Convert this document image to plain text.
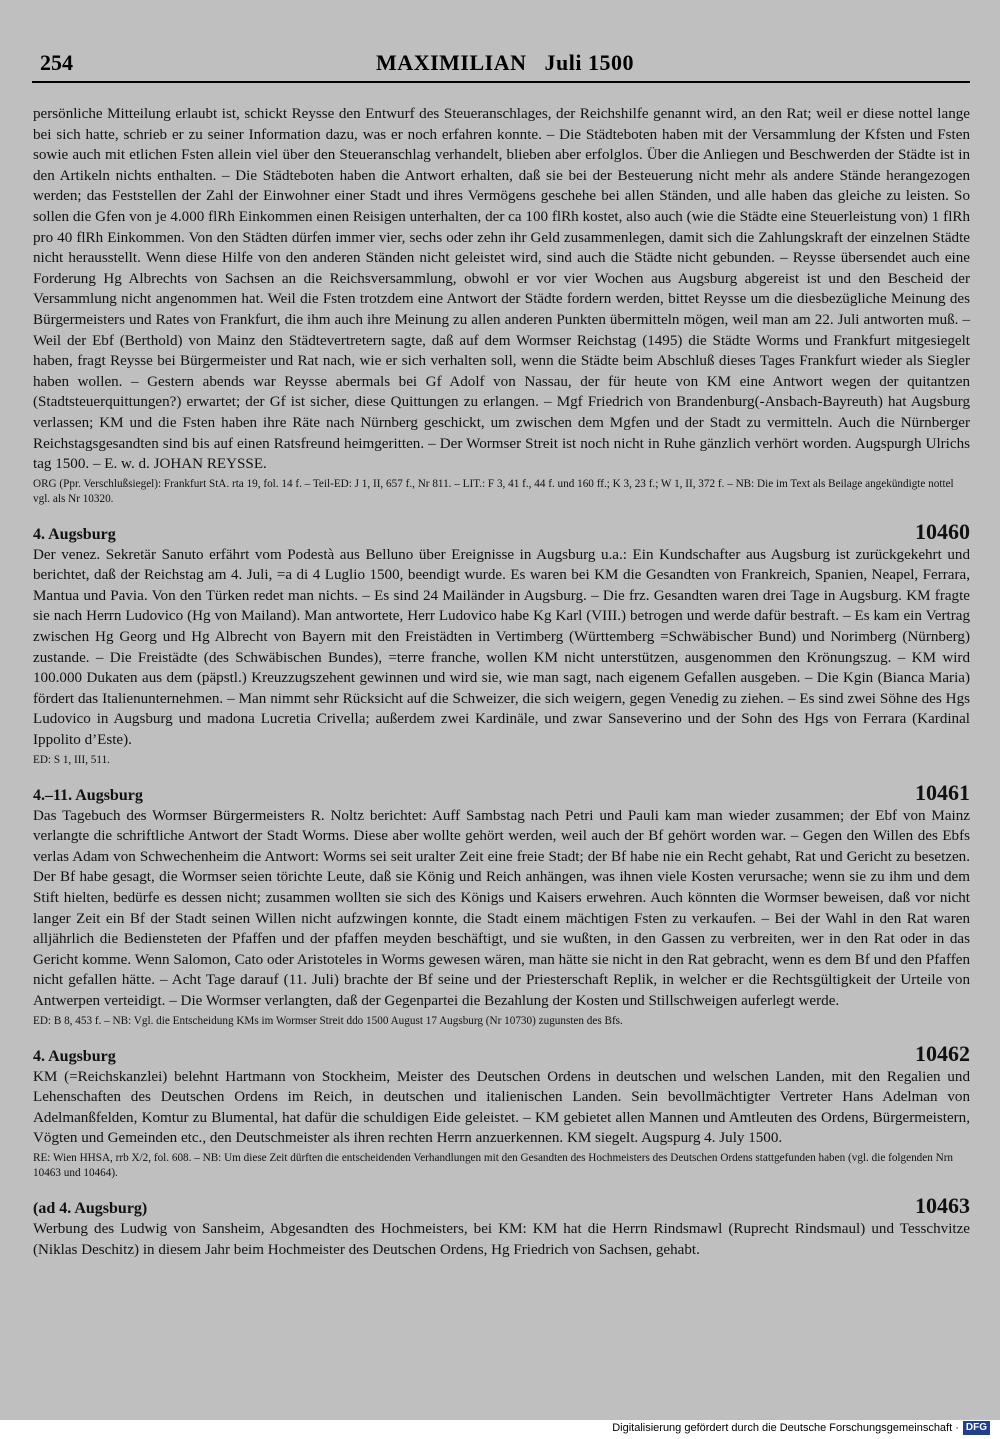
254	MAXIMILIAN   Juli 1500

persönliche Mitteilung erlaubt ist, schickt Reysse den Entwurf des Steueranschlages, der Reichshilfe genannt wird, an den Rat; weil er diese nottel lange bei sich hatte, schrieb er zu seiner Information dazu, was er noch erfahren konnte. – Die Städteboten haben mit der Versammlung der Kfsten und Fsten sowie auch mit etlichen Fsten allein viel über den Steueranschlag verhandelt, blieben aber erfolglos. Über die Anliegen und Beschwerden der Städte ist in den Artikeln nichts enthalten. – Die Städteboten haben die Antwort erhalten, daß sie bei der Besteuerung nicht mehr als andere Stände herangezogen werden; das Feststellen der Zahl der Einwohner einer Stadt und ihres Vermögens geschehe bei allen Ständen, und alle haben das gleiche zu leisten. So sollen die Gfen von je 4.000 flRh Einkommen einen Reisigen unterhalten, der ca 100 flRh kostet, also auch (wie die Städte eine Steuerleistung von) 1 flRh pro 40 flRh Einkommen. Von den Städten dürfen immer vier, sechs oder zehn ihr Geld zusammenlegen, damit sich die Zahlungskraft der einzelnen Städte nicht herausstellt. Wenn diese Hilfe von den anderen Ständen nicht geleistet wird, sind auch die Städte nicht gebunden. – Reysse übersendet auch eine Forderung Hg Albrechts von Sachsen an die Reichsversammlung, obwohl er vor vier Wochen aus Augsburg abgereist ist und den Bescheid der Versammlung nicht angenommen hat. Weil die Fsten trotzdem eine Antwort der Städte fordern werden, bittet Reysse um die diesbezügliche Meinung des Bürgermeisters und Rates von Frankfurt, die ihm auch ihre Meinung zu allen anderen Punkten übermitteln mögen, weil man am 22. Juli antworten muß. – Weil der Ebf (Berthold) von Mainz den Städtevertretern sagte, daß auf dem Wormser Reichstag (1495) die Städte Worms und Frankfurt mitgesiegelt haben, fragt Reysse bei Bürgermeister und Rat nach, wie er sich verhalten soll, wenn die Städte beim Abschluß dieses Tages Frankfurt wieder als Siegler haben wollen. – Gestern abends war Reysse abermals bei Gf Adolf von Nassau, der für heute von KM eine Antwort wegen der quitantzen (Stadtsteuerquittungen?) erwartet; der Gf ist sicher, diese Quittungen zu erlangen. – Mgf Friedrich von Brandenburg(-Ansbach-Bayreuth) hat Augsburg verlassen; KM und die Fsten haben ihre Räte nach Nürnberg geschickt, um zwischen dem Mgfen und der Stadt zu vermitteln. Auch die Nürnberger Reichstagsgesandten sind bis auf einen Ratsfreund heimgeritten. – Der Wormser Streit ist noch nicht in Ruhe gänzlich verhört worden. Augspurgh Ulrichs tag 1500. – E. w. d. JOHAN REYSSE.

ORG (Ppr. Verschlußsiegel): Frankfurt StA. rta 19, fol. 14 f. – Teil-ED: J 1, II, 657 f., Nr 811. – LIT.: F 3, 41 f., 44 f. und 160 ff.; K 3, 23 f.; W 1, II, 372 f. – NB: Die im Text als Beilage angekündigte nottel vgl. als Nr 10320.

4. Augsburg	10460

Der venez. Sekretär Sanuto erfährt vom Podestà aus Belluno über Ereignisse in Augsburg u.a.: Ein Kundschafter aus Augsburg ist zurückgekehrt und berichtet, daß der Reichstag am 4. Juli, =a di 4 Luglio 1500, beendigt wurde. Es waren bei KM die Gesandten von Frankreich, Spanien, Neapel, Ferrara, Mantua und Pavia. Von den Türken redet man nichts. – Es sind 24 Mailänder in Augsburg. – Die frz. Gesandten waren drei Tage in Augsburg. KM fragte sie nach Herrn Ludovico (Hg von Mailand). Man antwortete, Herr Ludovico habe Kg Karl (VIII.) betrogen und werde dafür bestraft. – Es kam ein Vertrag zwischen Hg Georg und Hg Albrecht von Bayern mit den Freistädten in Vertimberg (Württemberg =Schwäbischer Bund) und Norimberg (Nürnberg) zustande. – Die Freistädte (des Schwäbischen Bundes), =terre franche, wollen KM nicht unterstützen, ausgenommen den Krönungszug. – KM wird 100.000 Dukaten aus dem (päpstl.) Kreuzzugszehent gewinnen und wird sie, wie man sagt, nach eigenem Gefallen ausgeben. – Die Kgin (Bianca Maria) fördert das Italienunternehmen. – Man nimmt sehr Rücksicht auf die Schweizer, die sich weigern, gegen Venedig zu ziehen. – Es sind zwei Söhne des Hgs Ludovico in Augsburg und madona Lucretia Crivella; außerdem zwei Kardinäle, und zwar Sanseverino und der Sohn des Hgs von Ferrara (Kardinal Ippolito d’Este).

ED: S 1, III, 511.

4.–11. Augsburg	10461

Das Tagebuch des Wormser Bürgermeisters R. Noltz berichtet: Auff Sambstag nach Petri und Pauli kam man wieder zusammen; der Ebf von Mainz verlangte die schriftliche Antwort der Stadt Worms. Diese aber wollte gehört werden, weil auch der Bf gehört worden war. – Gegen den Willen des Ebfs verlas Adam von Schwechenheim die Antwort: Worms sei seit uralter Zeit eine freie Stadt; der Bf habe nie ein Recht gehabt, Rat und Gericht zu besetzen. Der Bf habe gesagt, die Wormser seien törichte Leute, daß sie König und Reich anhängen, was ihnen viele Kosten verursache; wenn sie zu ihm und dem Stift hielten, bedürfe es dessen nicht; zusammen wollten sie sich des Königs und Kaisers erwehren. Auch könnten die Wormser beweisen, daß vor nicht langer Zeit ein Bf der Stadt seinen Willen nicht aufzwingen konnte, die Stadt einem mächtigen Fsten zu verkaufen. – Bei der Wahl in den Rat waren alljährlich die Bediensteten der Pfaffen und der pfaffen meyden beschäftigt, und sie wußten, in den Gassen zu verbreiten, wer in den Rat oder in das Gericht komme. Wenn Salomon, Cato oder Aristoteles in Worms gewesen wären, man hätte sie nicht in den Rat gebracht, wenn es dem Bf und den Pfaffen nicht gefallen hätte. – Acht Tage darauf (11. Juli) brachte der Bf seine und der Priesterschaft Replik, in welcher er die Rechtsgültigkeit der Urteile von Antwerpen verteidigt. – Die Wormser verlangten, daß der Gegenpartei die Bezahlung der Kosten und Stillschweigen auferlegt werde.

ED: B 8, 453 f. – NB: Vgl. die Entscheidung KMs im Wormser Streit ddo 1500 August 17 Augsburg (Nr 10730) zugunsten des Bfs.

4. Augsburg	10462

KM (=Reichskanzlei) belehnt Hartmann von Stockheim, Meister des Deutschen Ordens in deutschen und welschen Landen, mit den Regalien und Lehenschaften des Deutschen Ordens im Reich, in deutschen und italienischen Landen. Sein bevollmächtigter Vertreter Hans Adelman von Adelmanßfelden, Komtur zu Blumental, hat dafür die schuldigen Eide geleistet. – KM gebietet allen Mannen und Amtleuten des Ordens, Bürgermeistern, Vögten und Gemeinden etc., den Deutschmeister als ihren rechten Herrn anzuerkennen. KM siegelt. Augspurg 4. July 1500.

RE: Wien HHSA, rrb X/2, fol. 608. – NB: Um diese Zeit dürften die entscheidenden Verhandlungen mit den Gesandten des Hochmeisters des Deutschen Ordens stattgefunden haben (vgl. die folgenden Nrn 10463 und 10464).

(ad 4. Augsburg)	10463

Werbung des Ludwig von Sansheim, Abgesandten des Hochmeisters, bei KM: KM hat die Herrn Rindsmawl (Ruprecht Rindsmaul) und Tesschvitze (Niklas Deschitz) in diesem Jahr beim Hochmeister des Deutschen Ordens, Hg Friedrich von Sachsen, gehabt.

Digitalisierung gefördert durch die Deutsche Forschungsgemeinschaft · DFG
